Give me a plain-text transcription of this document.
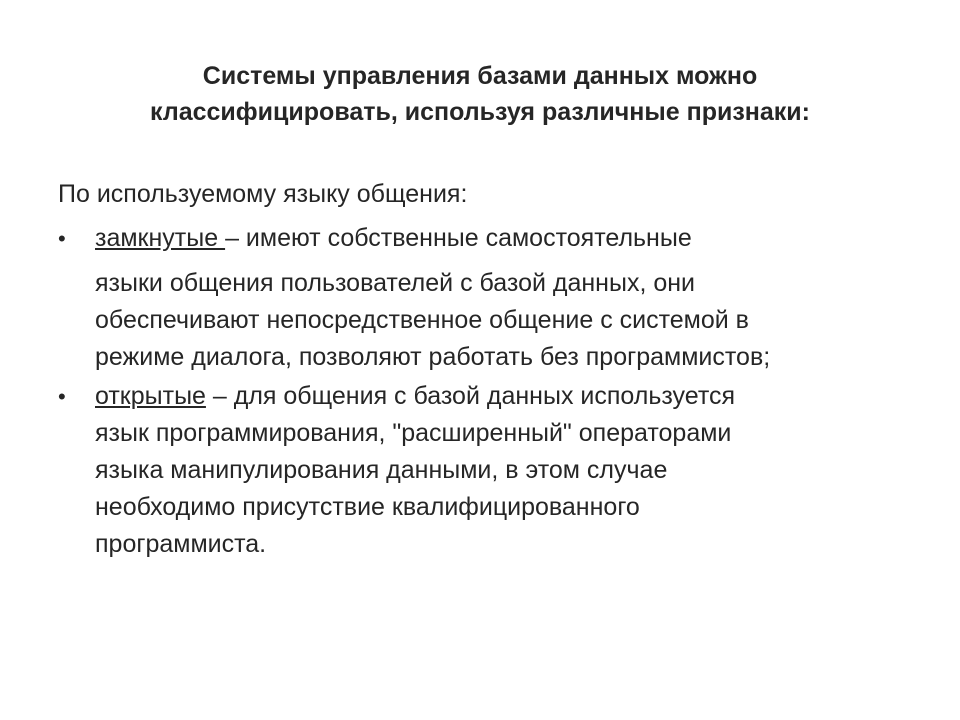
Системы управления базами данных можно
классифицировать, используя различные признаки:
По используемому языку общения:
• замкнутые – имеют собственные самостоятельные
языки общения пользователей с базой данных, они
обеспечивают непосредственное общение с системой в
режиме диалога, позволяют работать без программистов;
• открытые – для общения с базой данных используется
язык программирования, "расширенный" операторами
языка манипулирования данными, в этом случае
необходимо присутствие квалифицированного
программиста.
